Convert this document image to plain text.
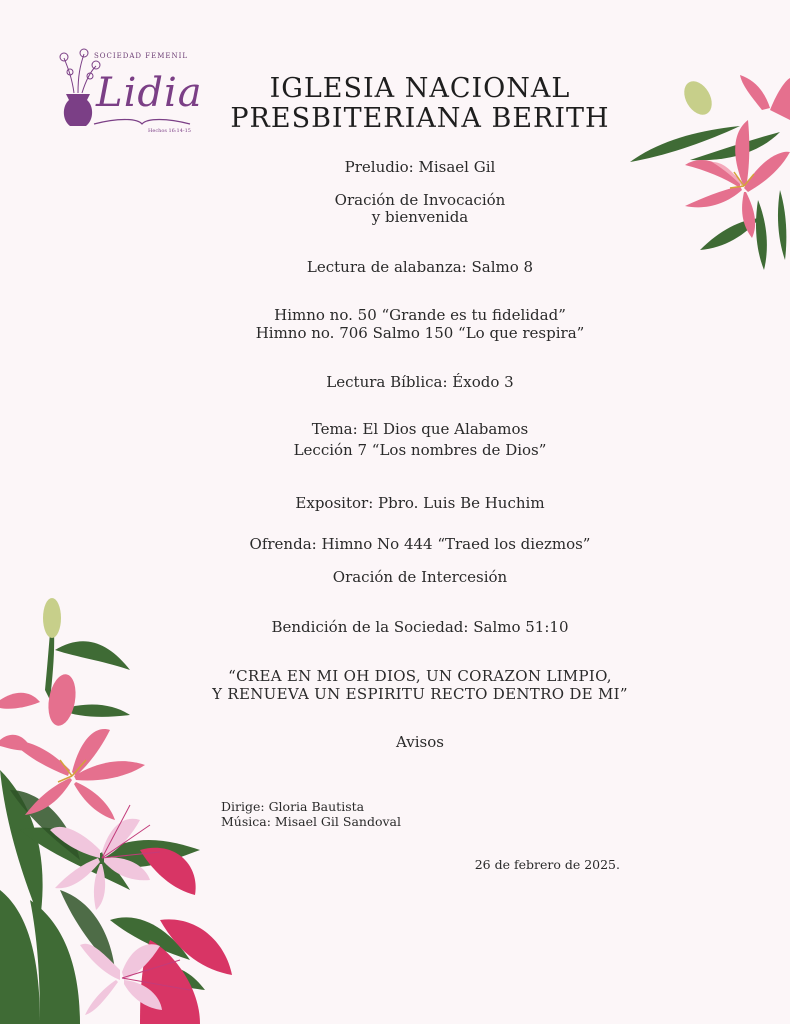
SOCIEDAD FEMENIL
Lidia
Hechos 16:14-15
IGLESIA NACIONAL
PRESBITERIANA BERITH
Preludio: Misael Gil
Oración de Invocación
y bienvenida
Lectura de alabanza: Salmo 8
Himno no. 50 “Grande es tu fidelidad”
Himno no. 706 Salmo 150 “Lo que respira”
Lectura Bíblica: Éxodo 3
Tema: El Dios que Alabamos
Lección 7 “Los nombres de Dios”
Expositor: Pbro. Luis Be Huchim
Ofrenda: Himno No 444 “Traed los diezmos”
Oración de Intercesión
Bendición de la Sociedad: Salmo 51:10
“CREA EN MI OH DIOS, UN CORAZON LIMPIO,
Y RENUEVA UN ESPIRITU RECTO DENTRO DE MI”
Avisos
Dirige: Gloria Bautista
Música: Misael Gil Sandoval
26 de febrero de 2025.
